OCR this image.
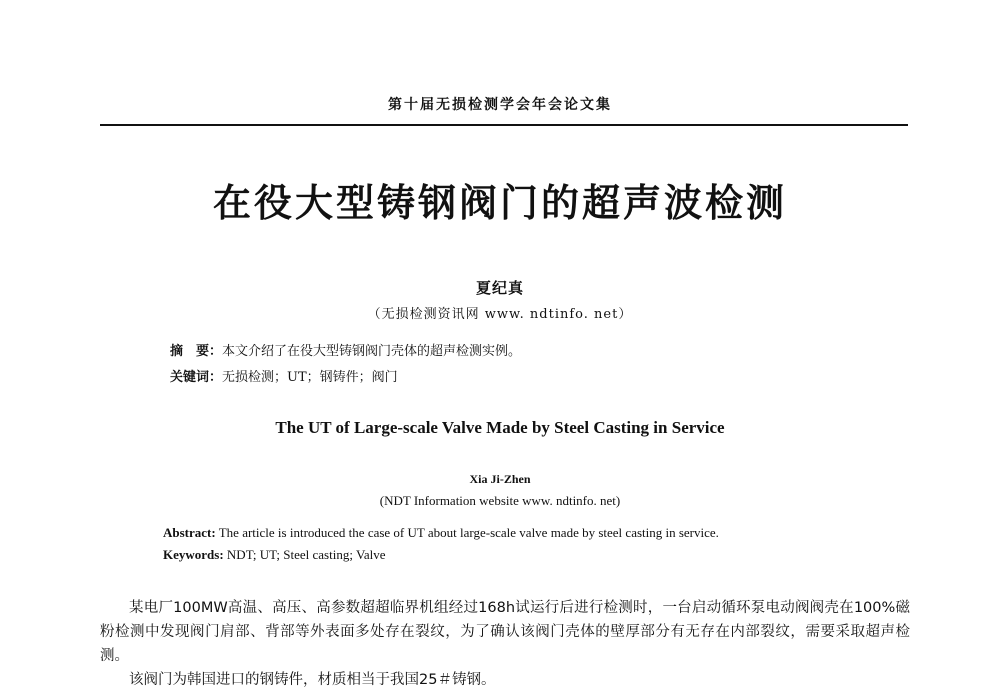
第十届无损检测学会年会论文集
在役大型铸钢阀门的超声波检测
夏纪真
（无损检测资讯网 www. ndtinfo. net）
摘　要：本文介绍了在役大型铸钢阀门壳体的超声检测实例。
关键词：无损检测；UT；钢铸件；阀门
The UT of Large-scale Valve Made by Steel Casting in Service
Xia Ji-Zhen
(NDT Information website www. ndtinfo. net)
Abstract: The article is introduced the case of UT about large-scale valve made by steel casting in service.
Keywords: NDT; UT; Steel casting; Valve

某电厂100MW高温、高压、高参数超超临界机组经过168h试运行后进行检测时，一台启动循环泵电动阀阀壳在100%磁粉检测中发现阀门肩部、背部等外表面多处存在裂纹，为了确认该阀门壳体的壁厚部分有无存在内部裂纹，需要采取超声检测。

该阀门为韩国进口的钢铸件，材质相当于我国25＃铸钢。
